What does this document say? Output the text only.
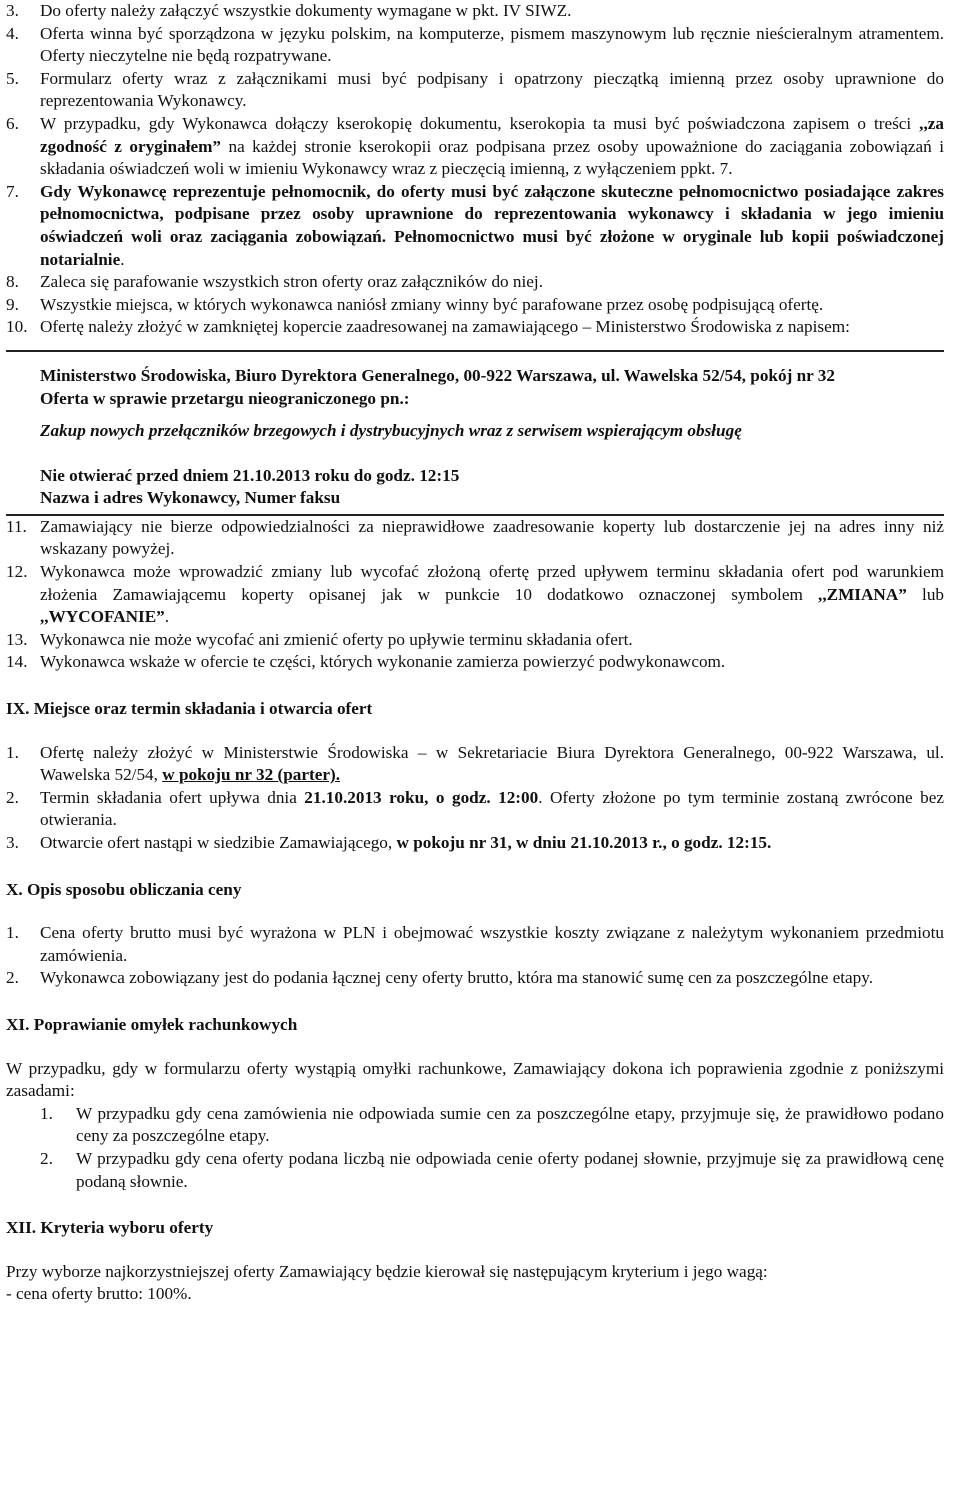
3. Do oferty należy załączyć wszystkie dokumenty wymagane w pkt. IV SIWZ.
4. Oferta winna być sporządzona w języku polskim, na komputerze, pismem maszynowym lub ręcznie nieścieralnym atramentem. Oferty nieczytelne nie będą rozpatrywane.
5. Formularz oferty wraz z załącznikami musi być podpisany i opatrzony pieczątką imienną przez osoby uprawnione do reprezentowania Wykonawcy.
6. W przypadku, gdy Wykonawca dołączy kserokopię dokumentu, kserokopia ta musi być poświadczona zapisem o treści ,,za zgodność z oryginałem” na każdej stronie kserokopii oraz podpisana przez osoby upoważnione do zaciągania zobowiązań i składania oświadczeń woli w imieniu Wykonawcy wraz z pieczęcią imienną, z wyłączeniem ppkt. 7.
7. Gdy Wykonawcę reprezentuje pełnomocnik, do oferty musi być załączone skuteczne pełnomocnictwo posiadające zakres pełnomocnictwa, podpisane przez osoby uprawnione do reprezentowania wykonawcy i składania w jego imieniu oświadczeń woli oraz zaciągania zobowiązań. Pełnomocnictwo musi być złożone w oryginale lub kopii poświadczonej notarialnie.
8. Zaleca się parafowanie wszystkich stron oferty oraz załączników do niej.
9. Wszystkie miejsca, w których wykonawca naniósł zmiany winny być parafowane przez osobę podpisującą ofertę.
10. Ofertę należy złożyć w zamkniętej kopercie zaadresowanej na zamawiającego – Ministerstwo Środowiska z napisem:

Ministerstwo Środowiska, Biuro Dyrektora Generalnego, 00-922 Warszawa, ul. Wawelska 52/54, pokój nr 32

Oferta w sprawie przetargu nieograniczonego pn.:

Zakup nowych przełączników brzegowych i dystrybucyjnych wraz z serwisem wspierającym obsługę

Nie otwierać przed dniem 21.10.2013 roku do godz. 12:15

Nazwa i adres Wykonawcy, Numer faksu

11. Zamawiający nie bierze odpowiedzialności za nieprawidłowe zaadresowanie koperty lub dostarczenie jej na adres inny niż wskazany powyżej.
12. Wykonawca może wprowadzić zmiany lub wycofać złożoną ofertę przed upływem terminu składania ofert pod warunkiem złożenia Zamawiającemu koperty opisanej jak w punkcie 10 dodatkowo oznaczonej symbolem ,,ZMIANA” lub ,,WYCOFANIE”.
13. Wykonawca nie może wycofać ani zmienić oferty po upływie terminu składania ofert.
14. Wykonawca wskaże w ofercie te części, których wykonanie zamierza powierzyć podwykonawcom.

IX. Miejsce oraz termin składania i otwarcia ofert

1. Ofertę należy złożyć w Ministerstwie Środowiska – w Sekretariacie Biura Dyrektora Generalnego, 00-922 Warszawa, ul. Wawelska 52/54, w pokoju nr 32 (parter).
2. Termin składania ofert upływa dnia 21.10.2013 roku, o godz. 12:00. Oferty złożone po tym terminie zostaną zwrócone bez otwierania.
3. Otwarcie ofert nastąpi w siedzibie Zamawiającego, w pokoju nr 31, w dniu 21.10.2013 r., o godz. 12:15.

X. Opis sposobu obliczania ceny

1. Cena oferty brutto musi być wyrażona w PLN i obejmować wszystkie koszty związane z należytym wykonaniem przedmiotu zamówienia.
2. Wykonawca zobowiązany jest do podania łącznej ceny oferty brutto, która ma stanowić sumę cen za poszczególne etapy.

XI. Poprawianie omyłek rachunkowych

W przypadku, gdy w formularzu oferty wystąpią omyłki rachunkowe, Zamawiający dokona ich poprawienia zgodnie z poniższymi zasadami:

1. W przypadku gdy cena zamówienia nie odpowiada sumie cen za poszczególne etapy, przyjmuje się, że prawidłowo podano ceny za poszczególne etapy.
2. W przypadku gdy cena oferty podana liczbą nie odpowiada cenie oferty podanej słownie, przyjmuje się za prawidłową cenę podaną słownie.

XII. Kryteria wyboru oferty

Przy wyborze najkorzystniejszej oferty Zamawiający będzie kierował się następującym kryterium i jego wagą:

- cena oferty brutto: 100%.
